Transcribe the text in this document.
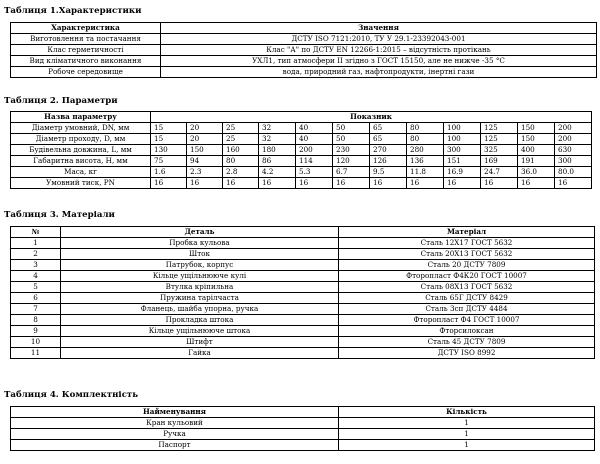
Таблиця 1.Характеристики
Характеристика	Значення
Виготовлення та постачання	ДСТУ ISO 7121:2010, ТУ У 29.1-23392043-001
Клас герметичності	Клас "А" по ДСТУ EN 12266-1:2015 – відсутність протікань
Вид кліматичного виконання	УХЛ1, тип атмосфери ІІ згідно з ГОСТ 15150, але не нижче -35 °С
Робоче середовище	вода, природний газ, нафтопродукти, інертні гази
Таблиця 2. Параметри
Назва параметру	Показник											
Діаметр умовний, DN, мм	15	20	25	32	40	50	65	80	100	125	150	200
Діаметр проходу, D, мм	15	20	25	32	40	50	65	80	100	125	150	200
Будівельна довжина, L, мм	130	150	160	180	200	230	270	280	300	325	400	630
Габаритна висота, H, мм	75	94	80	86	114	120	126	136	151	169	191	300
Маса, кг	1.6	2.3	2.8	4.2	5.3	6.7	9.5	11.8	16.9	24.7	36.0	80.0
Умовний тиск, PN	16	16	16	16	16	16	16	16	16	16	16	16
Таблиця 3. Матеріали
№	Деталь	Матеріал
1	Пробка кульова	Сталь 12Х17 ГОСТ 5632
2	Шток	Сталь 20Х13 ГОСТ 5632
3	Патрубок, корпус	Сталь 20 ДСТУ 7809
4	Кільце ущільнююче кулі	Фторопласт Ф4К20 ГОСТ 10007
5	Втулка кріпильна	Сталь 08Х13 ГОСТ 5632
6	Пружина тарілчаста	Сталь 65Г ДСТУ 8429
7	Фланець, шайба упорна, ручка	Сталь 3сп ДСТУ 4484
8	Прокладка штока	Фторопласт Ф4 ГОСТ 10007
9	Кільце ущільнююче штока	Фторсилоксан
10	Штифт	Сталь 45 ДСТУ 7809
11	Гайка	ДСТУ ISO 8992
Таблиця 4. Комплектність
Найменування	Кількість
Кран кульовий	1
Ручка	1
Паспорт	1
